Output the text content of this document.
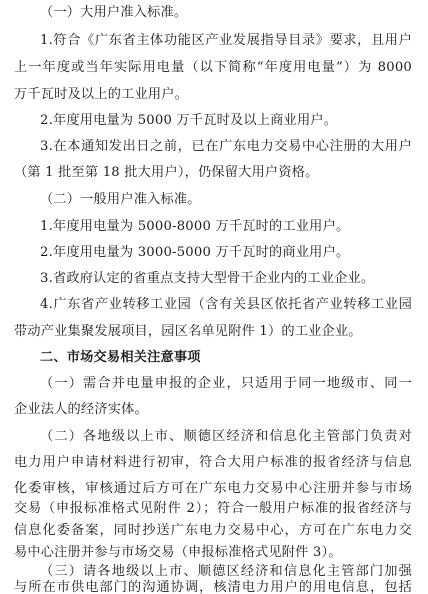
（一）大用户准入标准。
1.符合《广东省主体功能区产业发展指导目录》要求，且用户
上一年度或当年实际用电量（以下简称“年度用电量”）为 8000
万千瓦时及以上的工业用户。
2.年度用电量为 5000 万千瓦时及以上商业用户。
3.在本通知发出日之前，已在广东电力交易中心注册的大用户
（第 1 批至第 18 批大用户），仍保留大用户资格。
（二）一般用户准入标准。
1.年度用电量为 5000-8000 万千瓦时的工业用户。
2.年度用电量为 3000-5000 万千瓦时的商业用户。
3.省政府认定的省重点支持大型骨干企业内的工业企业。
4.广东省产业转移工业园（含有关县区依托省产业转移工业园
带动产业集聚发展项目，园区名单见附件 1）的工业企业。
二、市场交易相关注意事项
（一）需合并电量申报的企业，只适用于同一地级市、同一
企业法人的经济实体。
（二）各地级以上市、顺德区经济和信息化主管部门负责对
电力用户申请材料进行初审，符合大用户标准的报省经济与信息
化委审核，审核通过后方可在广东电力交易中心注册并参与市场
交易（申报标准格式见附件 2）；符合一般用户标准的报省经济与
信息化委备案，同时抄送广东电力交易中心，方可在广东电力交
易中心注册并参与市场交易（申报标准格式见附件 3）。
（三）请各地级以上市、顺德区经济和信息化主管部门加强
与所在市供电部门的沟通协调，核清电力用户的用电信息，包括
